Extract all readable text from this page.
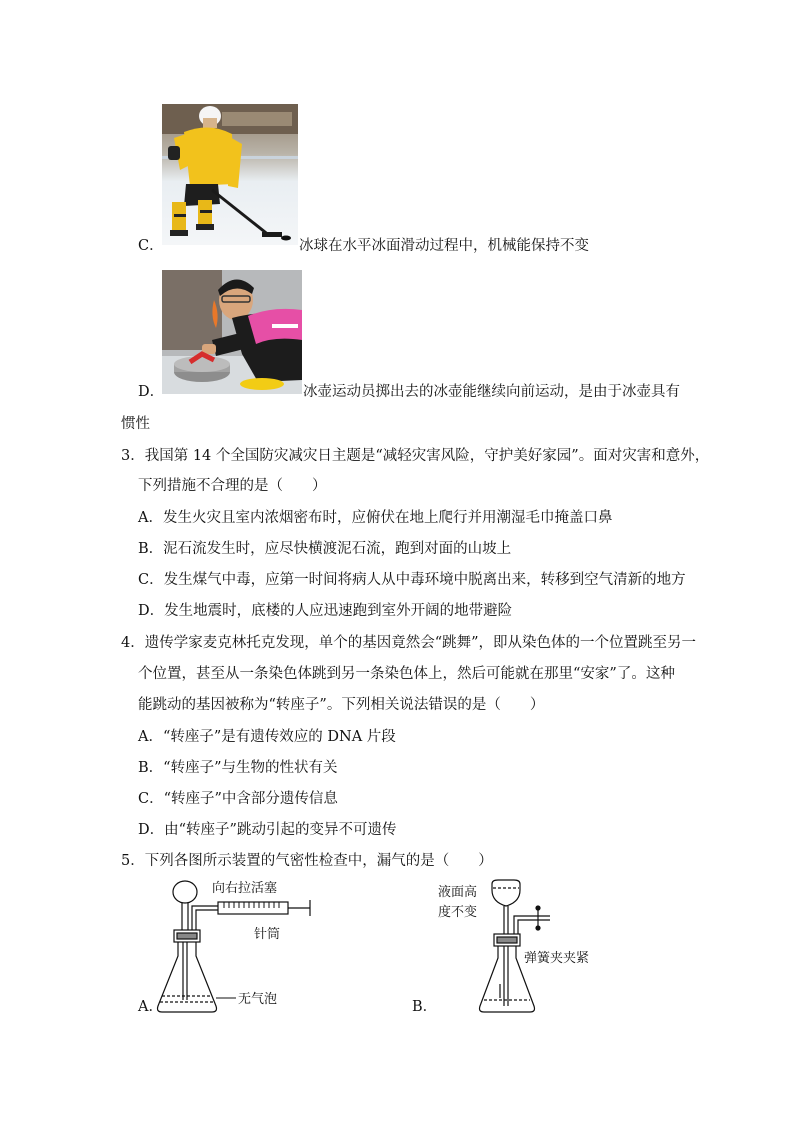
C．	冰球在水平冰面滑动过程中，机械能保持不变
D．	冰壶运动员掷出去的冰壶能继续向前运动，是由于冰壶具有
惯性
3．我国第 14 个全国防灾减灾日主题是“减轻灾害风险，守护美好家园”。面对灾害和意外，
下列措施不合理的是（　　）
A．发生火灾且室内浓烟密布时，应俯伏在地上爬行并用潮湿毛巾掩盖口鼻
B．泥石流发生时，应尽快横渡泥石流，跑到对面的山坡上
C．发生煤气中毒，应第一时间将病人从中毒环境中脱离出来，转移到空气清新的地方
D．发生地震时，底楼的人应迅速跑到室外开阔的地带避险
4．遗传学家麦克林托克发现，单个的基因竟然会“跳舞”，即从染色体的一个位置跳至另一
个位置，甚至从一条染色体跳到另一条染色体上，然后可能就在那里“安家”了。这种
能跳动的基因被称为“转座子”。下列相关说法错误的是（　　）
A．“转座子”是有遗传效应的 DNA 片段
B．“转座子”与生物的性状有关
C．“转座子”中含部分遗传信息
D．由“转座子”跳动引起的变异不可遗传
5．下列各图所示装置的气密性检查中，漏气的是（　　）
向右拉活塞
针筒
无气泡
A．
液面高
度不变
弹簧夹夹紧
B．
